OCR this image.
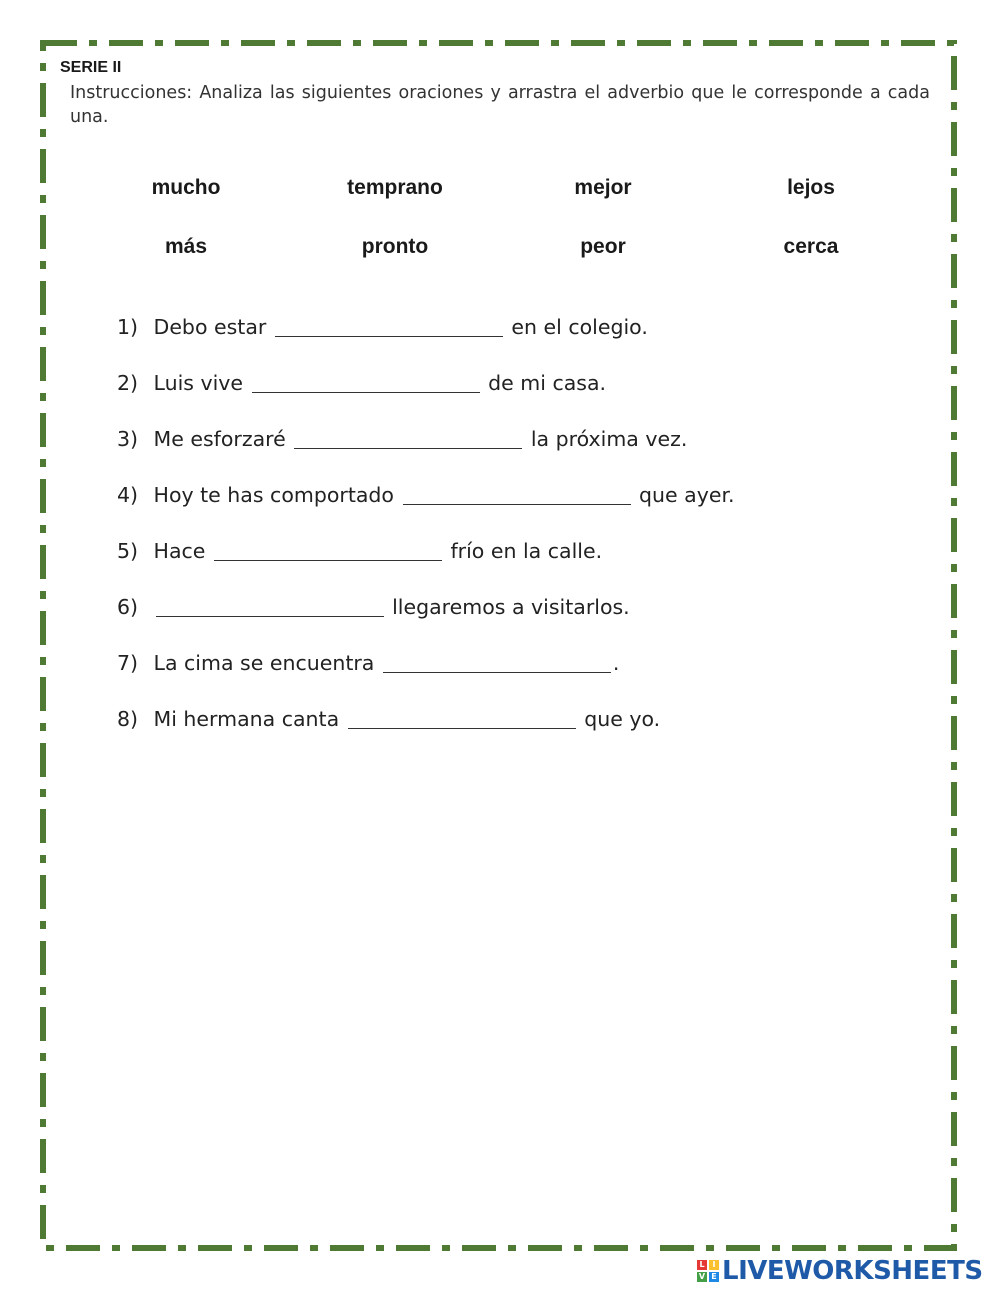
SERIE II
Instrucciones: Analiza las siguientes oraciones y arrastra el adverbio que le corresponde a cada una.
mucho	temprano	mejor	lejos
más	pronto	peor	cerca
1) Debo estar	en el colegio.
2) Luis vive	de mi casa.
3) Me esforzaré	la próxima vez.
4) Hoy te has comportado	que ayer.
5) Hace	frío en la calle.
6)	llegaremos a visitarlos.
7) La cima se encuentra	.
8) Mi hermana canta	que yo.
L I
V E LIVEWORKSHEETS
